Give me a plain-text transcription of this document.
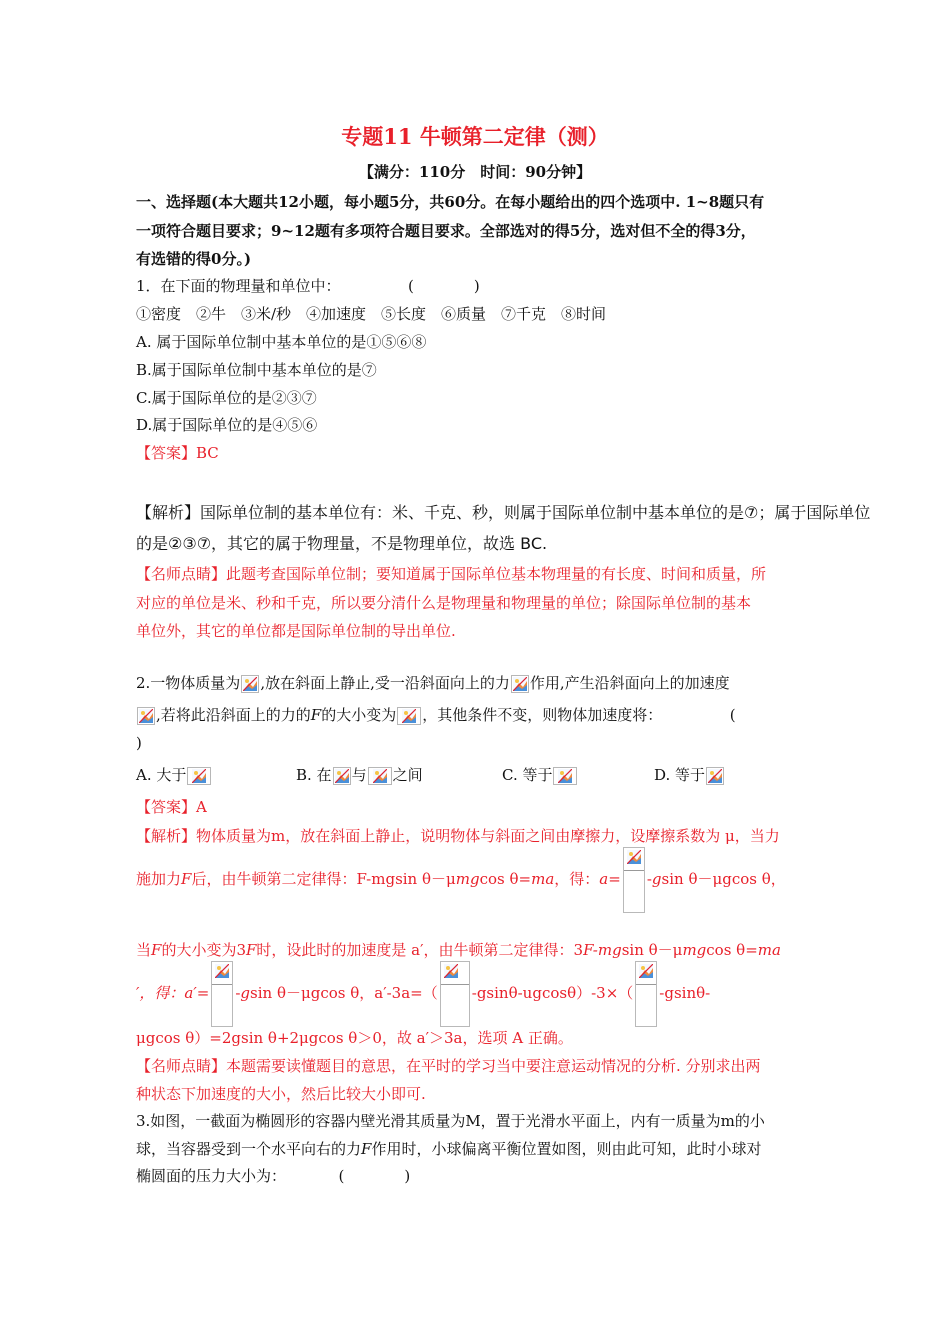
专题11 牛顿第二定律（测）
【满分：110分　时间：90分钟】
一、选择题(本大题共12小题，每小题5分，共60分。在每小题给出的四个选项中. 1~8题只有
一项符合题目要求；9~12题有多项符合题目要求。全部选对的得5分，选对但不全的得3分，
有选错的得0分。)
1．在下面的物理量和单位中：　　　　　(　　　　)
①密度　②牛　③米/秒　④加速度　⑤长度　⑥质量　⑦千克　⑧时间
A. 属于国际单位制中基本单位的是①⑤⑥⑧
B.属于国际单位制中基本单位的是⑦
C.属于国际单位的是②③⑦
D.属于国际单位的是④⑤⑥
【答案】BC
【解析】国际单位制的基本单位有：米、千克、秒，则属于国际单位制中基本单位的是⑦；属于国际单位
的是②③⑦，其它的属于物理量，不是物理单位，故选 BC.
【名师点睛】此题考查国际单位制；要知道属于国际单位基本物理量的有长度、时间和质量，所
对应的单位是米、秒和千克，所以要分清什么是物理量和物理量的单位；除国际单位制的基本
单位外，其它的单位都是国际单位制的导出单位.
2.一物体质量为 ,放在斜面上静止,受一沿斜面向上的力 作用,产生沿斜面向上的加速度
,若将此沿斜面上的力的F的大小变为 ，其他条件不变，则物体加速度将：　　　　　(
)
A. 大于	B. 在 与 之间	C. 等于	D. 等于
【答案】A
【解析】物体质量为m，放在斜面上静止，说明物体与斜面之间由摩擦力，设摩擦系数为 μ，当力
施加力F后，由牛顿第二定律得：F-mgsin θ－μmgcos θ=ma，得：a= -gsin θ－μgcos θ，
当F的大小变为3F时，设此时的加速度是 a′，由牛顿第二定律得：3F-mgsin θ－μmgcos θ=ma
′，得：a′= -gsin θ－μgcos θ，a′-3a=（ -gsinθ-ugcosθ）-3×（ -gsinθ-
μgcos θ）=2gsin θ+2μgcos θ＞0，故 a′＞3a，选项 A 正确。
【名师点睛】本题需要读懂题目的意思，在平时的学习当中要注意运动情况的分析. 分别求出两
种状态下加速度的大小，然后比较大小即可.
3.如图，一截面为椭圆形的容器内壁光滑其质量为M，置于光滑水平面上，内有一质量为m的小
球，当容器受到一个水平向右的力F作用时，小球偏离平衡位置如图，则由此可知，此时小球对
椭圆面的压力大小为：　　　　(　　　　)
